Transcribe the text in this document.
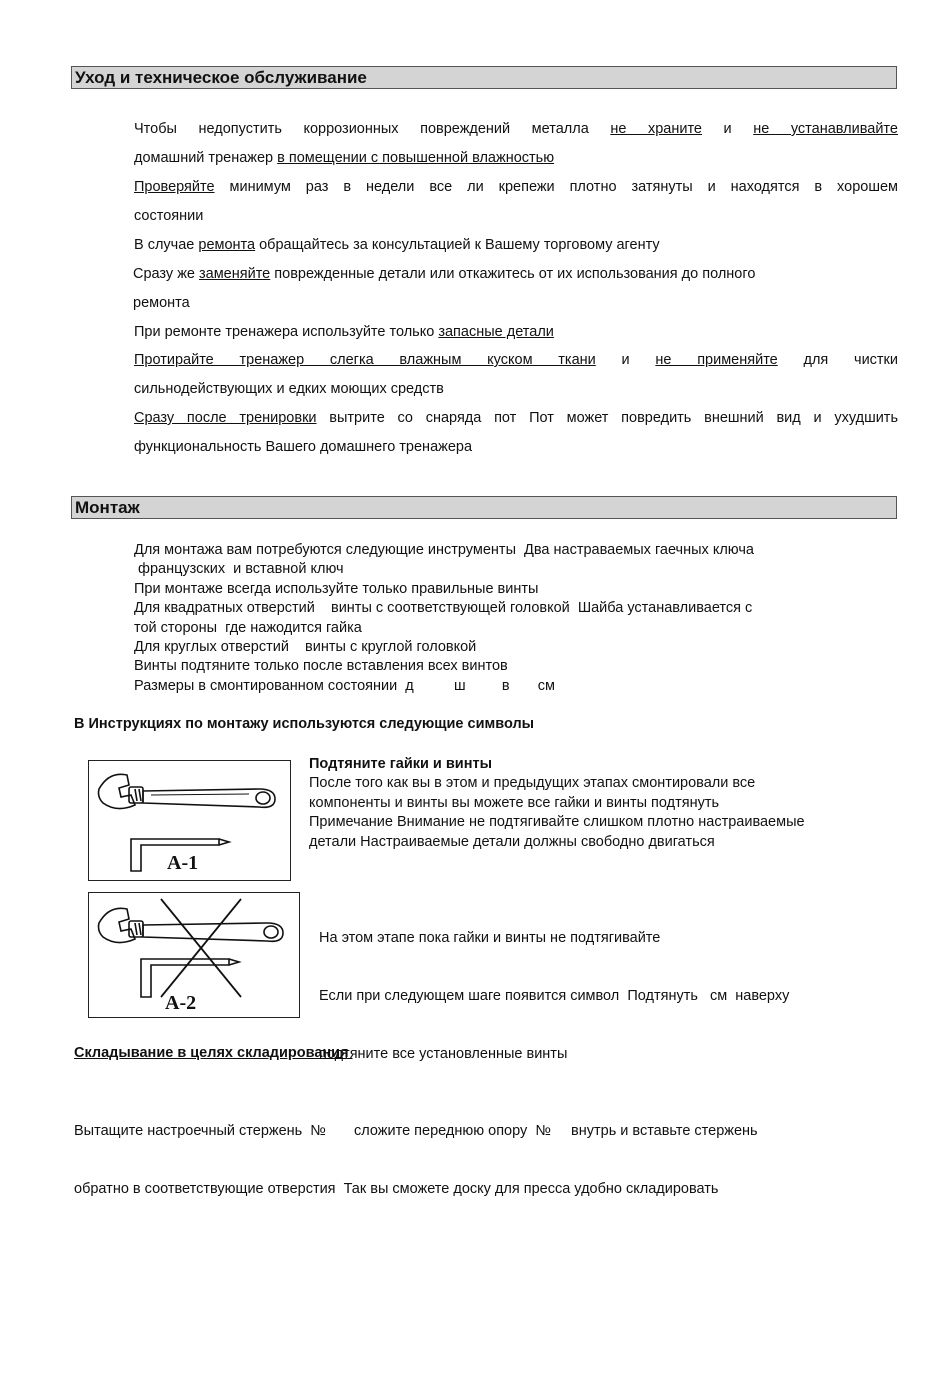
Уход и техническое обслуживание
Чтобы недопустить коррозионных повреждений металла не храните и не устанавливайте
домашний тренажер в помещении с повышенной влажностью
Проверяйте минимум раз в недели все ли крепежи плотно затянуты и находятся в хорошем
состоянии
В случае ремонта обращайтесь за консультацией к Вашему торговому агенту
Сразу же заменяйте поврежденные детали или откажитесь от их использования до полного
ремонта
При ремонте тренажера используйте только запасные детали
Протирайте тренажер слегка влажным куском ткани и не применяйте для чистки
сильнодействующих и едких моющих средств
Сразу после тренировки вытрите со снаряда пот Пот может повредить внешний вид и ухудшить
функциональность Вашего домашнего тренажера
Монтаж
Для монтажа вам потребуются следующие инструменты  Два настраваемых гаечных ключа
французских  и вставной ключ
При монтаже всегда используйте только правильные винты
Для квадратных отверстий    винты с соответствующей головкой  Шайба устанавливается с
той стороны  где нажодится гайка
Для круглых отверстий    винты с круглой головкой
Винты подтяните только после вставления всех винтов
Размеры в смонтированном состоянии  д          ш         в       см
В Инструкциях по монтажу используются следующие символы
A-1
Подтяните гайки и винты
После того как вы в этом и предыдущих этапах смонтировали все
компоненты и винты вы можете все гайки и винты подтянуть
Примечание Внимание не подтягивайте слишком плотно настраиваемые
детали Настраиваемые детали должны свободно двигаться
A-2

На этом этапе пока гайки и винты не подтягивайте

Если при следующем шаге появится символ  Подтянуть   см  наверху

подтяните все установленные винты

Складывание в целях складирования

Вытащите настроечный стержень  №       сложите переднюю опору  №     внутрь и вставьте стержень

обратно в соответствующие отверстия  Так вы сможете доску для пресса удобно складировать
